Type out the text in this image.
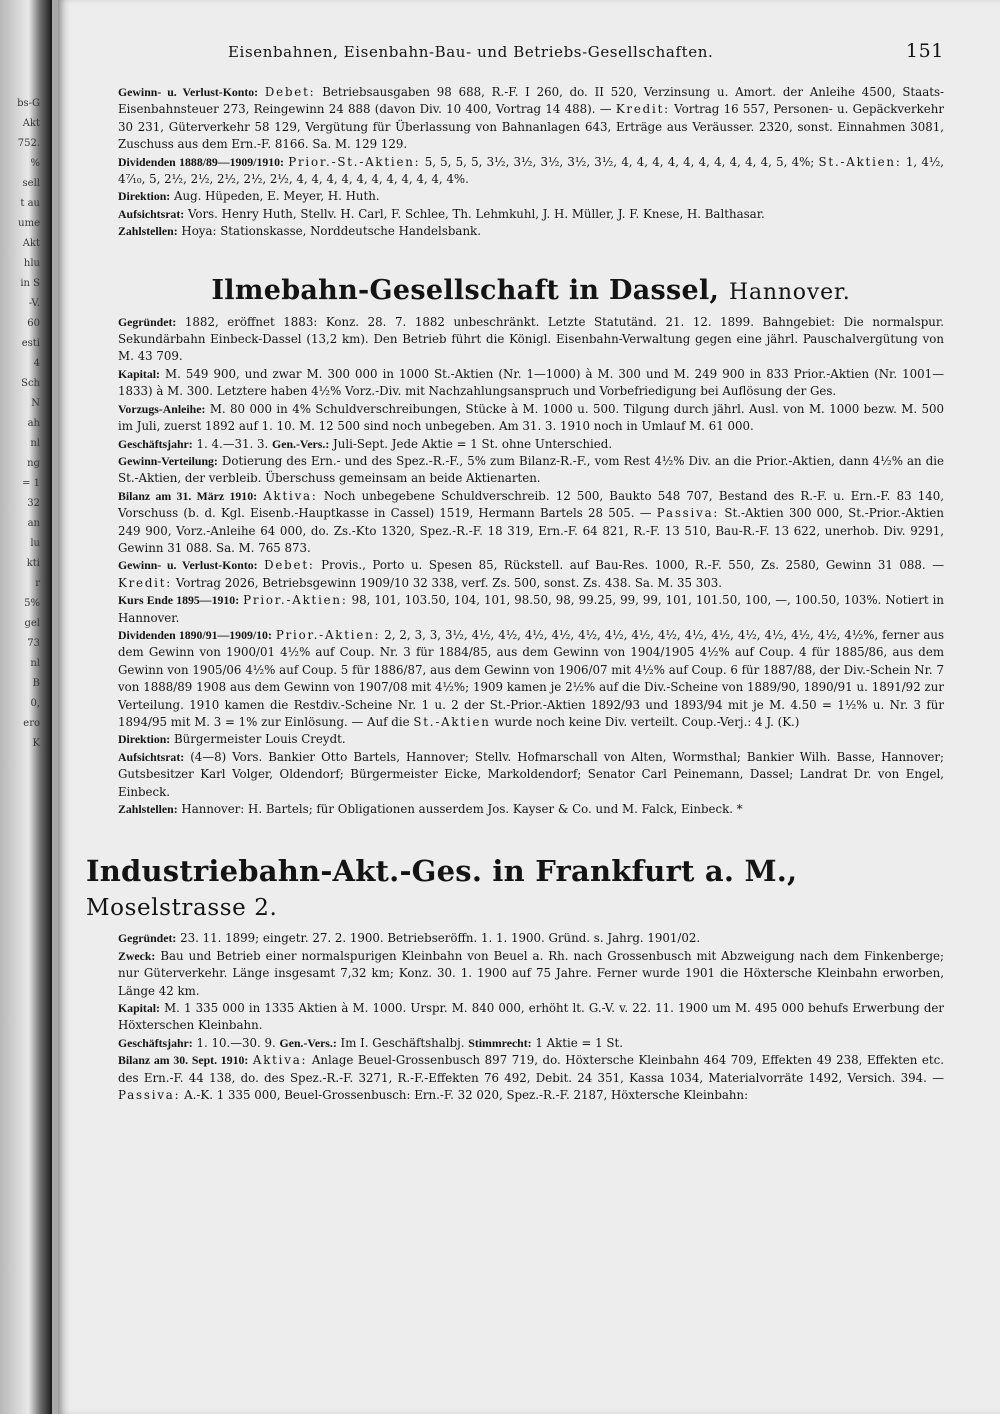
bs-G
Akt
752.
%
sell
t au
ume
Akt
hlu
in S
-V.
60
esti
4
Sch
N
ah
nl
ng
= 1
32
an
lu
kti
r
5%
gel
73
nl
B
0,
ero
K
Eisenbahnen, Eisenbahn-Bau- und Betriebs-Gesellschaften.	151

Gewinn- u. Verlust-Konto: Debet: Betriebsausgaben 98 688, R.-F. I 260, do. II 520, Verzinsung u. Amort. der Anleihe 4500, Staats-Eisenbahnsteuer 273, Reingewinn 24 888 (davon Div. 10 400, Vortrag 14 488). — Kredit: Vortrag 16 557, Personen- u. Gepäckverkehr 30 231, Güterverkehr 58 129, Vergütung für Überlassung von Bahnanlagen 643, Erträge aus Veräusser. 2320, sonst. Einnahmen 3081, Zuschuss aus dem Ern.-F. 8166. Sa. M. 129 129.

Dividenden 1888/89—1909/1910: Prior.-St.-Aktien: 5, 5, 5, 5, 3½, 3½, 3½, 3½, 3½, 4, 4, 4, 4, 4, 4, 4, 4, 4, 4, 5, 4%; St.-Aktien: 1, 4½, 4⁷⁄₁₀, 5, 2½, 2½, 2½, 2½, 2½, 4, 4, 4, 4, 4, 4, 4, 4, 4, 4, 4%.

Direktion: Aug. Hüpeden, E. Meyer, H. Huth.

Aufsichtsrat: Vors. Henry Huth, Stellv. H. Carl, F. Schlee, Th. Lehmkuhl, J. H. Müller, J. F. Knese, H. Balthasar.

Zahlstellen: Hoya: Stationskasse, Norddeutsche Handelsbank.

Ilmebahn-Gesellschaft in Dassel, Hannover.

Gegründet: 1882, eröffnet 1883: Konz. 28. 7. 1882 unbeschränkt. Letzte Statutänd. 21. 12. 1899. Bahngebiet: Die normalspur. Sekundärbahn Einbeck-Dassel (13,2 km). Den Betrieb führt die Königl. Eisenbahn-Verwaltung gegen eine jährl. Pauschalvergütung von M. 43 709.

Kapital: M. 549 900, und zwar M. 300 000 in 1000 St.-Aktien (Nr. 1—1000) à M. 300 und M. 249 900 in 833 Prior.-Aktien (Nr. 1001—1833) à M. 300. Letztere haben 4½% Vorz.-Div. mit Nachzahlungsanspruch und Vorbefriedigung bei Auflösung der Ges.

Vorzugs-Anleihe: M. 80 000 in 4% Schuldverschreibungen, Stücke à M. 1000 u. 500. Tilgung durch jährl. Ausl. von M. 1000 bezw. M. 500 im Juli, zuerst 1892 auf 1. 10. M. 12 500 sind noch unbegeben. Am 31. 3. 1910 noch in Umlauf M. 61 000.

Geschäftsjahr: 1. 4.—31. 3. Gen.-Vers.: Juli-Sept. Jede Aktie = 1 St. ohne Unterschied.

Gewinn-Verteilung: Dotierung des Ern.- und des Spez.-R.-F., 5% zum Bilanz-R.-F., vom Rest 4½% Div. an die Prior.-Aktien, dann 4½% an die St.-Aktien, der verbleib. Überschuss gemeinsam an beide Aktienarten.

Bilanz am 31. März 1910: Aktiva: Noch unbegebene Schuldverschreib. 12 500, Baukto 548 707, Bestand des R.-F. u. Ern.-F. 83 140, Vorschuss (b. d. Kgl. Eisenb.-Hauptkasse in Cassel) 1519, Hermann Bartels 28 505. — Passiva: St.-Aktien 300 000, St.-Prior.-Aktien 249 900, Vorz.-Anleihe 64 000, do. Zs.-Kto 1320, Spez.-R.-F. 18 319, Ern.-F. 64 821, R.-F. 13 510, Bau-R.-F. 13 622, unerhob. Div. 9291, Gewinn 31 088. Sa. M. 765 873.

Gewinn- u. Verlust-Konto: Debet: Provis., Porto u. Spesen 85, Rückstell. auf Bau-Res. 1000, R.-F. 550, Zs. 2580, Gewinn 31 088. — Kredit: Vortrag 2026, Betriebsgewinn 1909/10 32 338, verf. Zs. 500, sonst. Zs. 438. Sa. M. 35 303.

Kurs Ende 1895—1910: Prior.-Aktien: 98, 101, 103.50, 104, 101, 98.50, 98, 99.25, 99, 99, 101, 101.50, 100, —, 100.50, 103%. Notiert in Hannover.

Dividenden 1890/91—1909/10: Prior.-Aktien: 2, 2, 3, 3, 3½, 4½, 4½, 4½, 4½, 4½, 4½, 4½, 4½, 4½, 4½, 4½, 4½, 4½, 4½, 4½%, ferner aus dem Gewinn von 1900/01 4½% auf Coup. Nr. 3 für 1884/85, aus dem Gewinn von 1904/1905 4½% auf Coup. 4 für 1885/86, aus dem Gewinn von 1905/06 4½% auf Coup. 5 für 1886/87, aus dem Gewinn von 1906/07 mit 4½% auf Coup. 6 für 1887/88, der Div.-Schein Nr. 7 von 1888/89 1908 aus dem Gewinn von 1907/08 mit 4½%; 1909 kamen je 2½% auf die Div.-Scheine von 1889/90, 1890/91 u. 1891/92 zur Verteilung. 1910 kamen die Restdiv.-Scheine Nr. 1 u. 2 der St.-Prior.-Aktien 1892/93 und 1893/94 mit je M. 4.50 = 1½% u. Nr. 3 für 1894/95 mit M. 3 = 1% zur Einlösung. — Auf die St.-Aktien wurde noch keine Div. verteilt. Coup.-Verj.: 4 J. (K.)

Direktion: Bürgermeister Louis Creydt.

Aufsichtsrat: (4—8) Vors. Bankier Otto Bartels, Hannover; Stellv. Hofmarschall von Alten, Wormsthal; Bankier Wilh. Basse, Hannover; Gutsbesitzer Karl Volger, Oldendorf; Bürgermeister Eicke, Markoldendorf; Senator Carl Peinemann, Dassel; Landrat Dr. von Engel, Einbeck.

Zahlstellen: Hannover: H. Bartels; für Obligationen ausserdem Jos. Kayser & Co. und M. Falck, Einbeck. *

Industriebahn-Akt.-Ges. in Frankfurt a. M., Moselstrasse 2.

Gegründet: 23. 11. 1899; eingetr. 27. 2. 1900. Betriebseröffn. 1. 1. 1900. Gründ. s. Jahrg. 1901/02.

Zweck: Bau und Betrieb einer normalspurigen Kleinbahn von Beuel a. Rh. nach Grossenbusch mit Abzweigung nach dem Finkenberge; nur Güterverkehr. Länge insgesamt 7,32 km; Konz. 30. 1. 1900 auf 75 Jahre. Ferner wurde 1901 die Höxtersche Kleinbahn erworben, Länge 42 km.

Kapital: M. 1 335 000 in 1335 Aktien à M. 1000. Urspr. M. 840 000, erhöht lt. G.-V. v. 22. 11. 1900 um M. 495 000 behufs Erwerbung der Höxterschen Kleinbahn.

Geschäftsjahr: 1. 10.—30. 9. Gen.-Vers.: Im I. Geschäftshalbj. Stimmrecht: 1 Aktie = 1 St.

Bilanz am 30. Sept. 1910: Aktiva: Anlage Beuel-Grossenbusch 897 719, do. Höxtersche Kleinbahn 464 709, Effekten 49 238, Effekten etc. des Ern.-F. 44 138, do. des Spez.-R.-F. 3271, R.-F.-Effekten 76 492, Debit. 24 351, Kassa 1034, Materialvorräte 1492, Versich. 394. — Passiva: A.-K. 1 335 000, Beuel-Grossenbusch: Ern.-F. 32 020, Spez.-R.-F. 2187, Höxtersche Kleinbahn:
